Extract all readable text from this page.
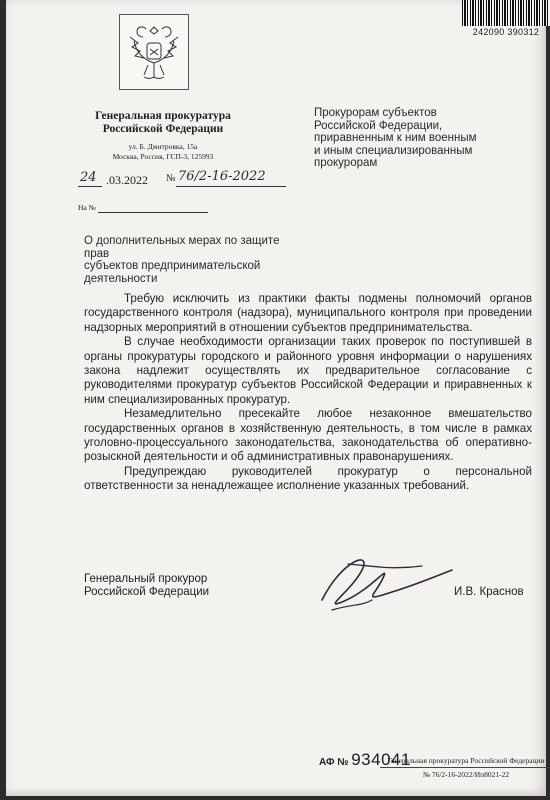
242090 390312
Генеральная прокуратура
Российской Федерации
ул. Б. Дмитровка, 15а
Москва, Россия, ГСП-3, 125993
Прокурорам субъектов
Российской Федерации,
приравненным к ним военным
и иным специализированным
прокурорам
24 .03.2022 № 76/2-16-2022
На №
О дополнительных мерах по защите прав
субъектов предпринимательской
деятельности

Требую исключить из практики факты подмены полномочий органов государственного контроля (надзора), муниципального контроля при проведении надзорных мероприятий в отношении субъектов предпринимательства.

В случае необходимости организации таких проверок по поступившей в органы прокуратуры городского и районного уровня информации о нарушениях закона надлежит осуществлять их предварительное согласование с руководителями прокуратур субъектов Российской Федерации и приравненных к ним специализированных прокуратур.

Незамедлительно пресекайте любое незаконное вмешательство государственных органов в хозяйственную деятельность, в том числе в рамках уголовно-процессуального законодательства, законодательства об оперативно-розыскной деятельности и об административных правонарушениях.

Предупреждаю руководителей прокуратур о персональной ответственности за ненадлежащее исполнение указанных требований.

Генеральный прокурор
Российской Федерации	И.В. Краснов
АФ № 934041
Генеральная прокуратура Российской Федерации
№ 76/2-16-2022/Ип8021-22
